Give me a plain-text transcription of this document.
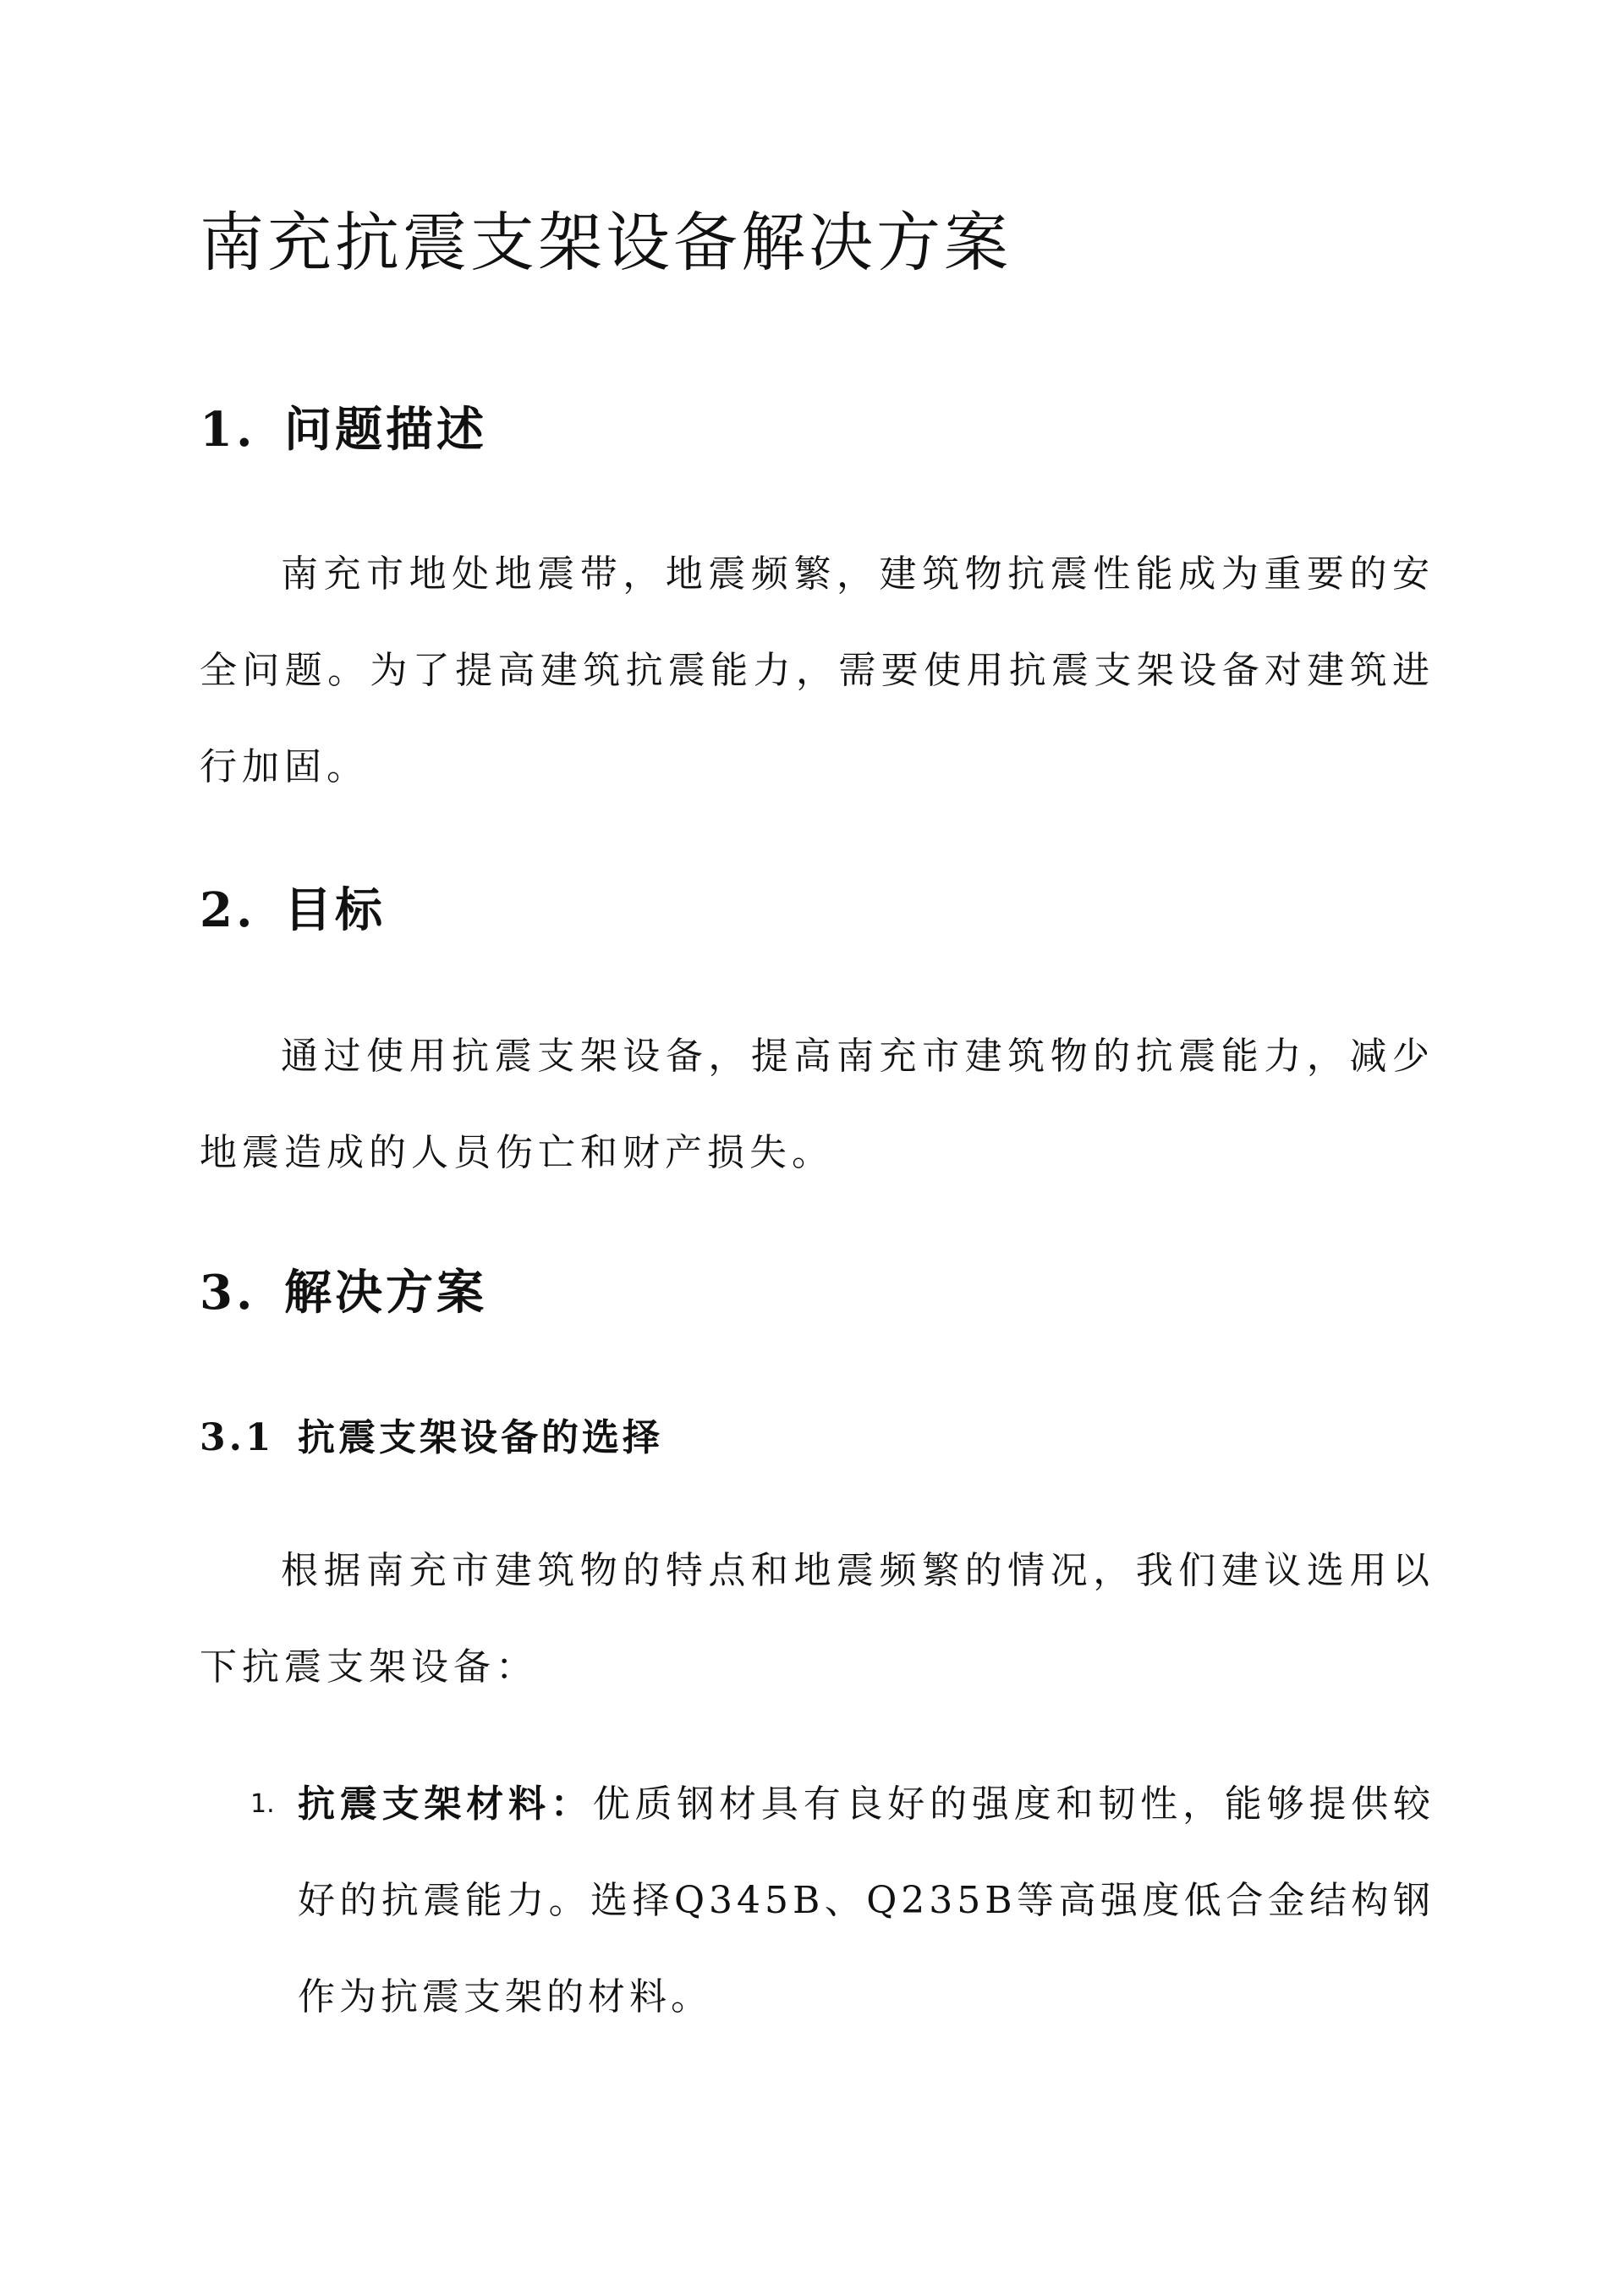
南充抗震支架设备解决方案
1. 问题描述

南充市地处地震带，地震频繁，建筑物抗震性能成为重要的安全问题。为了提高建筑抗震能力，需要使用抗震支架设备对建筑进行加固。

2. 目标

通过使用抗震支架设备，提高南充市建筑物的抗震能力，减少地震造成的人员伤亡和财产损失。

3. 解决方案
3.1 抗震支架设备的选择

根据南充市建筑物的特点和地震频繁的情况，我们建议选用以下抗震支架设备：

1. 抗震支架材料：优质钢材具有良好的强度和韧性，能够提供较好的抗震能力。选择Q345B、Q235B等高强度低合金结构钢作为抗震支架的材料。
